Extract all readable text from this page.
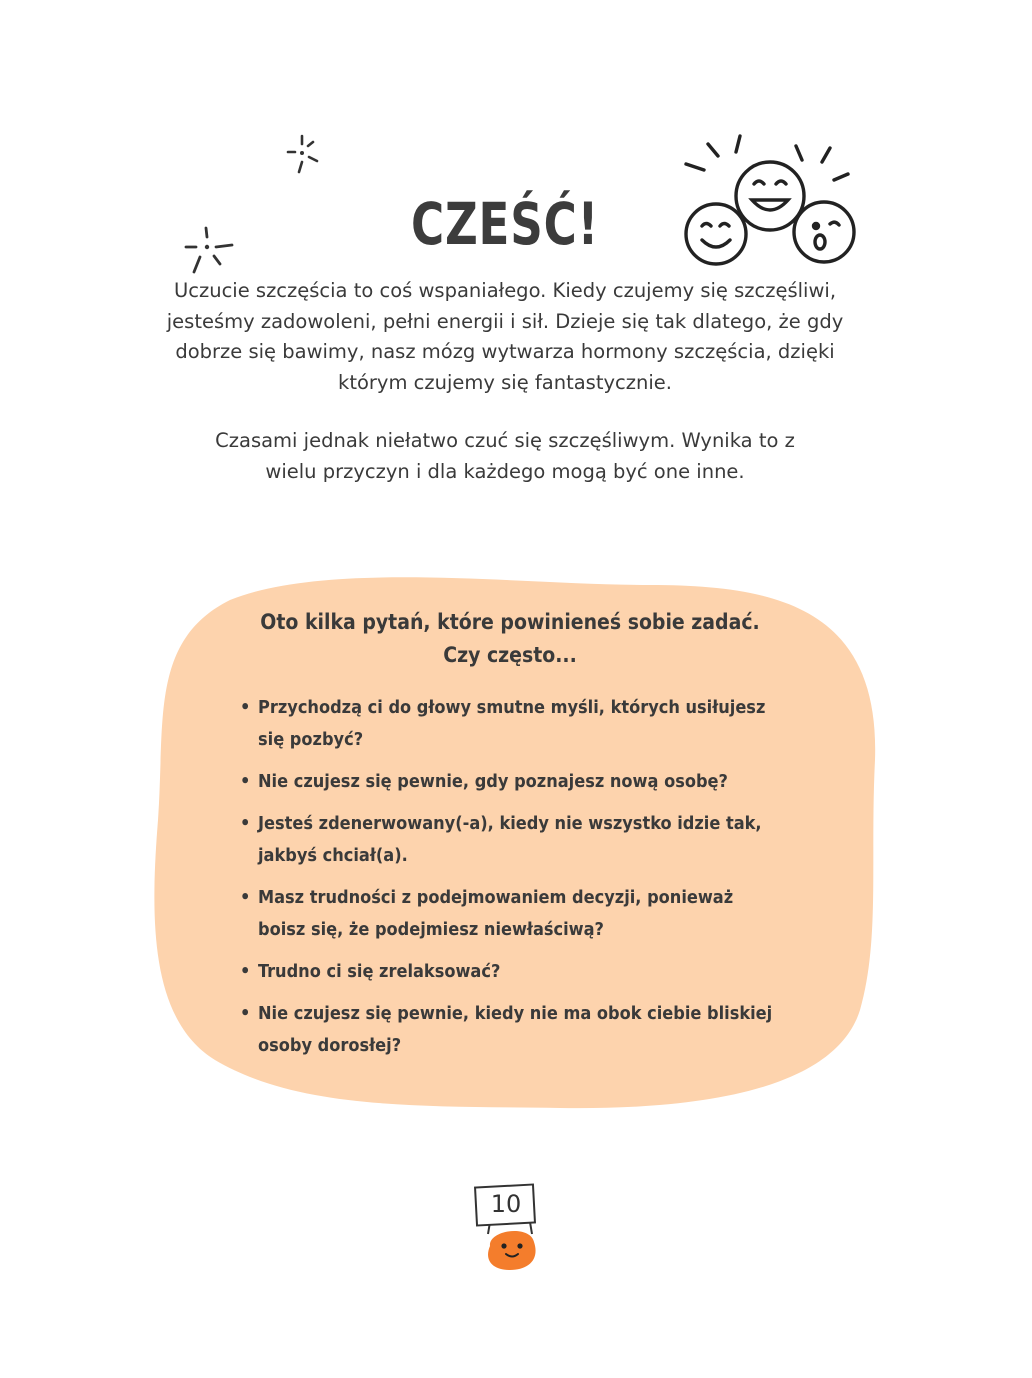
CZEŚĆ!

Uczucie szczęścia to coś wspaniałego. Kiedy czujemy się szczęśliwi, jesteśmy zadowoleni, pełni energii i sił. Dzieje się tak dlatego, że gdy dobrze się bawimy, nasz mózg wytwarza hormony szczęścia, dzięki którym czujemy się fantastycznie.

Czasami jednak niełatwo czuć się szczęśliwym. Wynika to z wielu przyczyn i dla każdego mogą być one inne.

Oto kilka pytań, które powinieneś sobie zadać.
Czy często...
• Przychodzą ci do głowy smutne myśli, których usiłujesz się pozbyć?
• Nie czujesz się pewnie, gdy poznajesz nową osobę?
• Jesteś zdenerwowany(-a), kiedy nie wszystko idzie tak, jakbyś chciał(a).
• Masz trudności z podejmowaniem decyzji, ponieważ boisz się, że podejmiesz niewłaściwą?
• Trudno ci się zrelaksować?
• Nie czujesz się pewnie, kiedy nie ma obok ciebie bliskiej osoby dorosłej?
10
